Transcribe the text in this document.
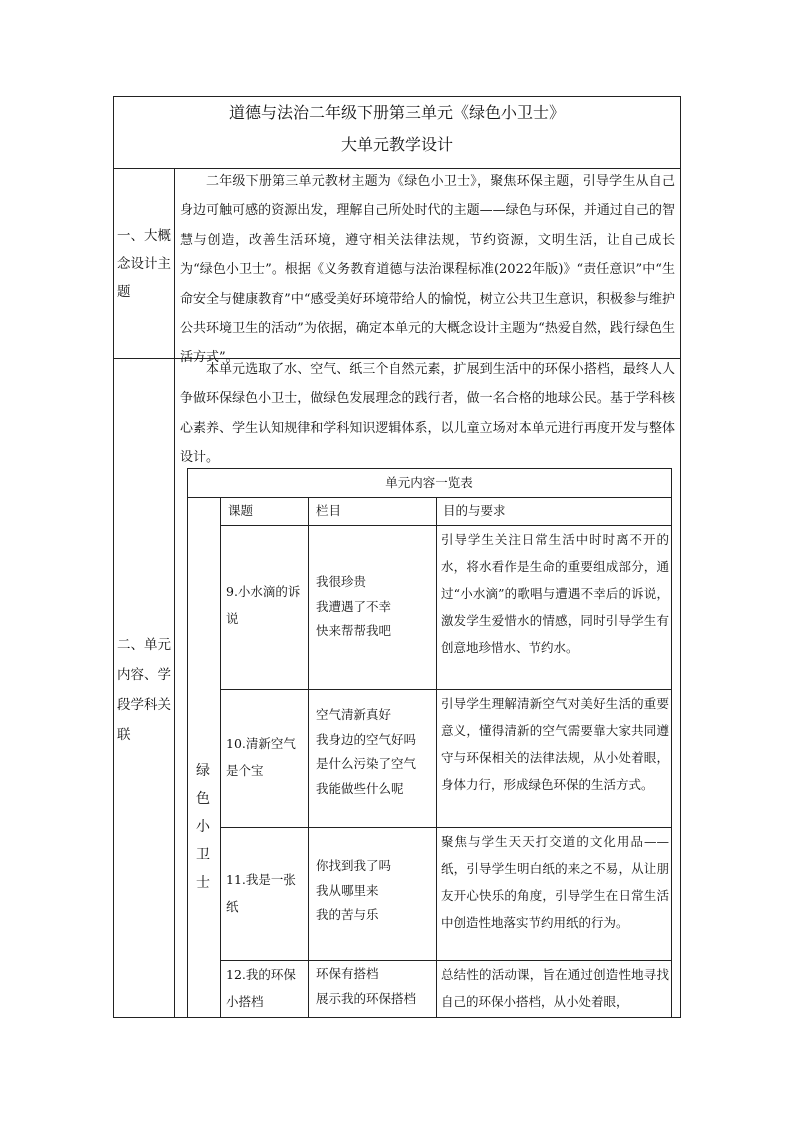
道德与法治二年级下册第三单元《绿色小卫士》
大单元教学设计
一、大概念设计主题
二年级下册第三单元教材主题为《绿色小卫士》，聚焦环保主题，引导学生从自己身边可触可感的资源出发，理解自己所处时代的主题——绿色与环保，并通过自己的智慧与创造，改善生活环境，遵守相关法律法规，节约资源，文明生活，让自己成长为“绿色小卫士”。根据《义务教育道德与法治课程标准(2022年版)》“责任意识”中“生命安全与健康教育”中“感受美好环境带给人的愉悦，树立公共卫生意识，积极参与维护公共环境卫生的活动”为依据，确定本单元的大概念设计主题为“热爱自然，践行绿色生活方式”。
二、单元内容、学段学科关联
本单元选取了水、空气、纸三个自然元素，扩展到生活中的环保小搭档，最终人人争做环保绿色小卫士，做绿色发展理念的践行者，做一名合格的地球公民。基于学科核心素养、学生认知规律和学科知识逻辑体系，以儿童立场对本单元进行再度开发与整体设计。
单元内容一览表
绿色小卫士
课题	栏目	目的与要求
9.小水滴的诉说
我很珍贵
我遭遇了不幸
快来帮帮我吧
引导学生关注日常生活中时时离不开的水，将水看作是生命的重要组成部分，通过“小水滴”的歌唱与遭遇不幸后的诉说，激发学生爱惜水的情感，同时引导学生有创意地珍惜水、节约水。
10.清新空气是个宝
空气清新真好
我身边的空气好吗
是什么污染了空气
我能做些什么呢
引导学生理解清新空气对美好生活的重要意义，懂得清新的空气需要靠大家共同遵守与环保相关的法律法规，从小处着眼，身体力行，形成绿色环保的生活方式。
11.我是一张纸
你找到我了吗
我从哪里来
我的苦与乐
聚焦与学生天天打交道的文化用品——纸，引导学生明白纸的来之不易，从让朋友开心快乐的角度，引导学生在日常生活中创造性地落实节约用纸的行为。
12.我的环保小搭档
环保有搭档
展示我的环保搭档
总结性的活动课，旨在通过创造性地寻找自己的环保小搭档，从小处着眼，
